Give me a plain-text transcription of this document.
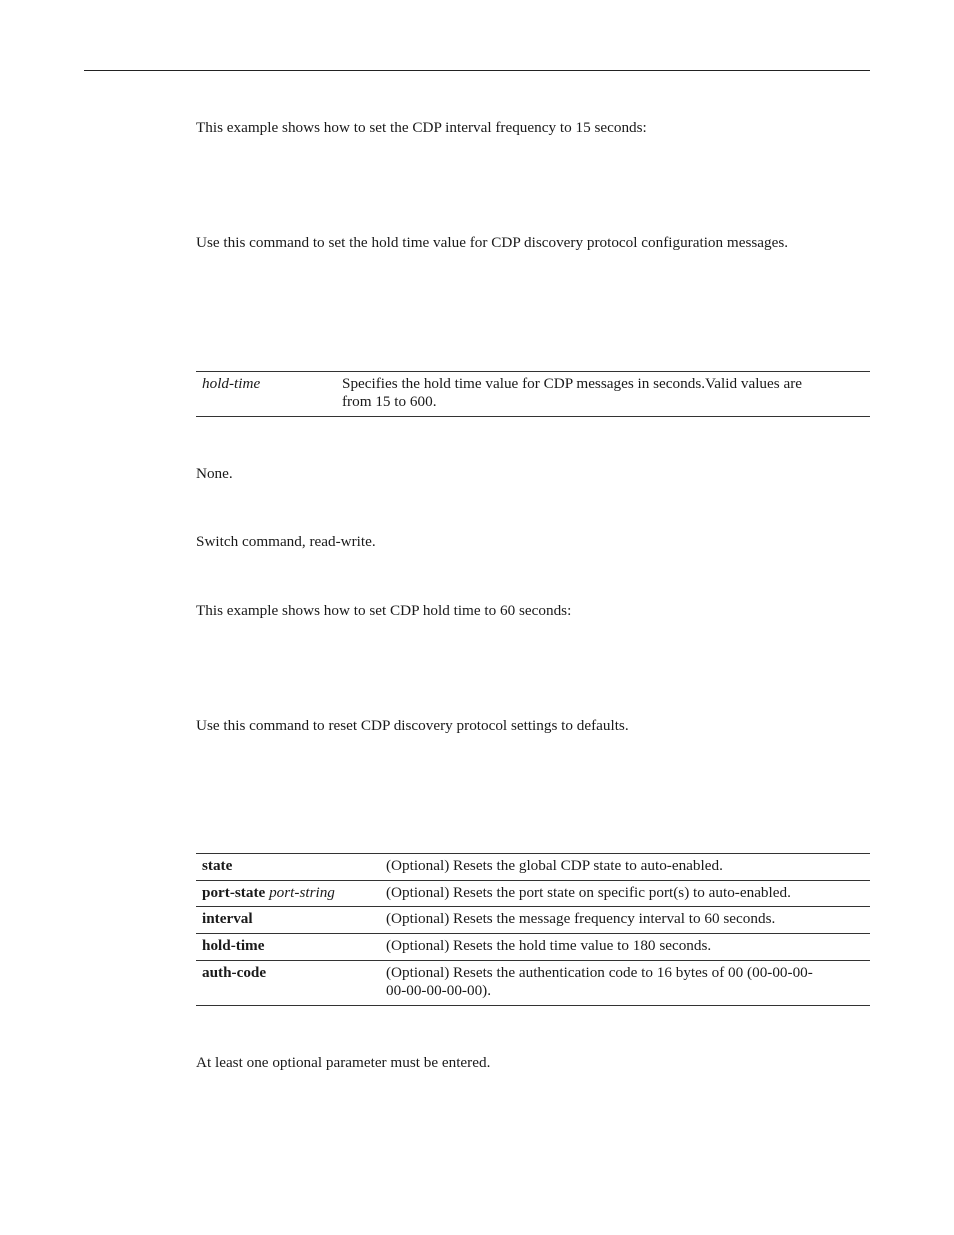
This example shows how to set the CDP interval frequency to 15 seconds:
Use this command to set the hold time value for CDP discovery protocol configuration messages.
hold-time	Specifies the hold time value for CDP messages in seconds.Valid values are
from 15 to 600.
None.
Switch command, read-write.
This example shows how to set CDP hold time to 60 seconds:
Use this command to reset CDP discovery protocol settings to defaults.
state	(Optional) Resets the global CDP state to auto-enabled.
port-state port-string	(Optional) Resets the port state on specific port(s) to auto-enabled.
interval	(Optional) Resets the message frequency interval to 60 seconds.
hold-time	(Optional) Resets the hold time value to 180 seconds.
auth-code	(Optional) Resets the authentication code to 16 bytes of 00 (00-00-00-
00-00-00-00-00).
At least one optional parameter must be entered.
